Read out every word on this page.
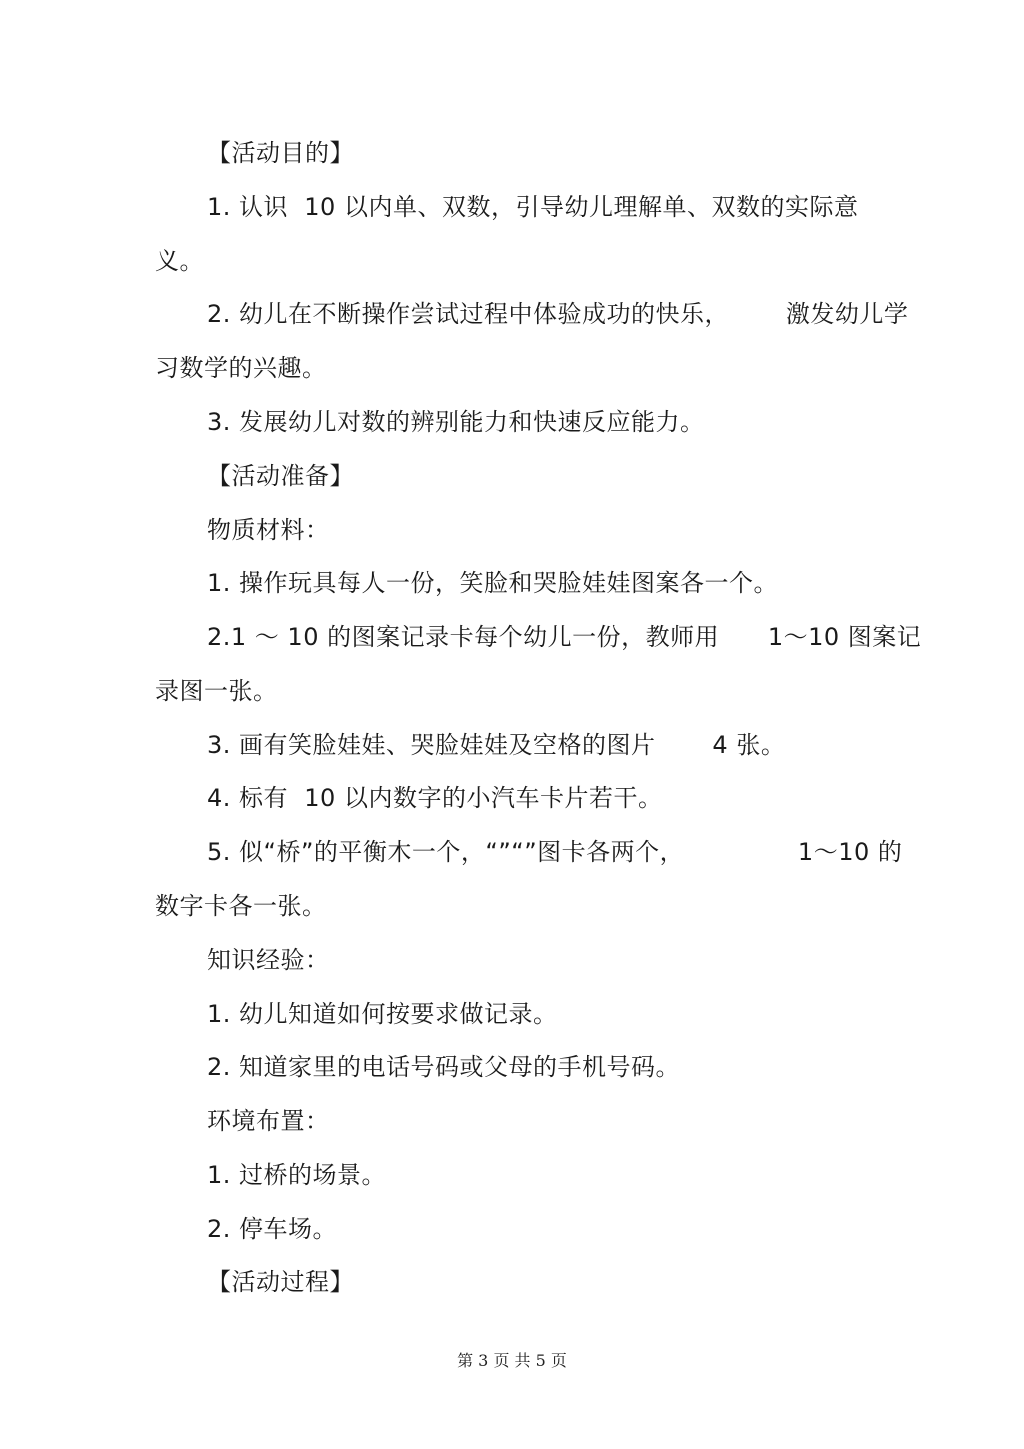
【活动目的】
1. 认识  10 以内单、双数，引导幼儿理解单、双数的实际意
义。
2. 幼儿在不断操作尝试过程中体验成功的快乐，       激发幼儿学
习数学的兴趣。
3. 发展幼儿对数的辨别能力和快速反应能力。
【活动准备】
物质材料：
1. 操作玩具每人一份，笑脸和哭脸娃娃图案各一个。
2.1 ～ 10 的图案记录卡每个幼儿一份，教师用      1～10 图案记
录图一张。
3. 画有笑脸娃娃、哭脸娃娃及空格的图片       4 张。
4. 标有  10 以内数字的小汽车卡片若干。
5. 似“桥”的平衡木一个，“”“”图卡各两个，              1～10 的
数字卡各一张。
知识经验：
1. 幼儿知道如何按要求做记录。
2. 知道家里的电话号码或父母的手机号码。
环境布置：
1. 过桥的场景。
2. 停车场。
【活动过程】
第 3 页 共 5 页
